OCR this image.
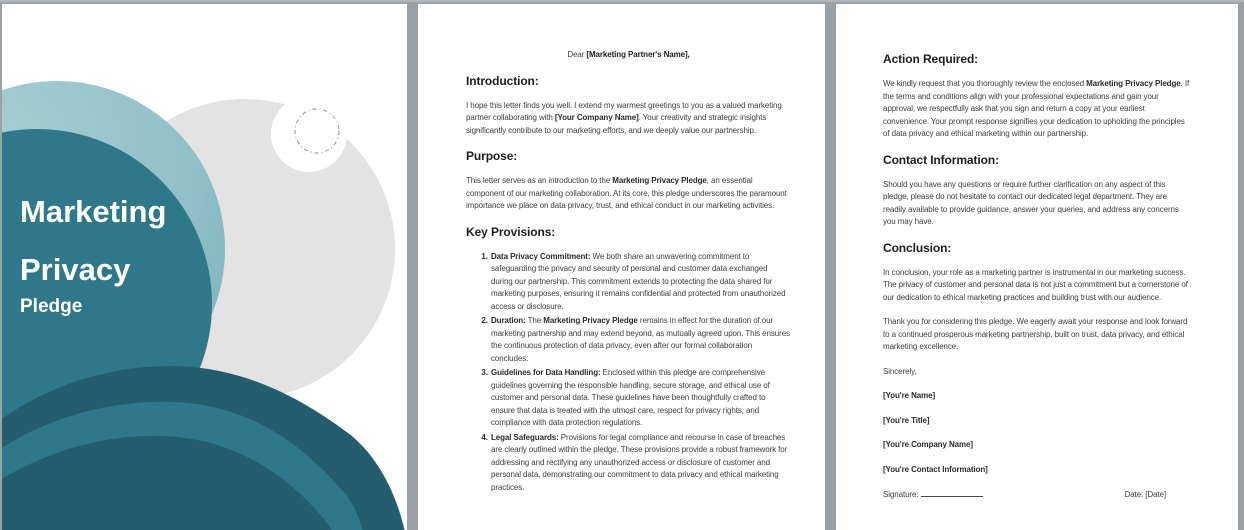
Marketing
Privacy
Pledge

Dear [Marketing Partner's Name],

Introduction:

I hope this letter finds you well. I extend my warmest greetings to you as a valued marketing partner collaborating with [Your Company Name]. Your creativity and strategic insights significantly contribute to our marketing efforts, and we deeply value our partnership.

Purpose:

This letter serves as an introduction to the Marketing Privacy Pledge, an essential component of our marketing collaboration. At its core, this pledge underscores the paramount importance we place on data privacy, trust, and ethical conduct in our marketing activities.

Key Provisions:
1. Data Privacy Commitment: We both share an unwavering commitment to safeguarding the privacy and security of personal and customer data exchanged during our partnership. This commitment extends to protecting the data shared for marketing purposes, ensuring it remains confidential and protected from unauthorized access or disclosure.
2. Duration: The Marketing Privacy Pledge remains in effect for the duration of our marketing partnership and may extend beyond, as mutually agreed upon. This ensures the continuous protection of data privacy, even after our formal collaboration concludes.
3. Guidelines for Data Handling: Enclosed within this pledge are comprehensive guidelines governing the responsible handling, secure storage, and ethical use of customer and personal data. These guidelines have been thoughtfully crafted to ensure that data is treated with the utmost care, respect for privacy rights, and compliance with data protection regulations.
4. Legal Safeguards: Provisions for legal compliance and recourse in case of breaches are clearly outlined within the pledge. These provisions provide a robust framework for addressing and rectifying any unauthorized access or disclosure of customer and personal data, demonstrating our commitment to data privacy and ethical marketing practices.
Action Required:

We kindly request that you thoroughly review the enclosed Marketing Privacy Pledge. If the terms and conditions align with your professional expectations and gain your approval, we respectfully ask that you sign and return a copy at your earliest convenience. Your prompt response signifies your dedication to upholding the principles of data privacy and ethical marketing within our partnership.

Contact Information:

Should you have any questions or require further clarification on any aspect of this pledge, please do not hesitate to contact our dedicated legal department. They are readily available to provide guidance, answer your queries, and address any concerns you may have.

Conclusion:

In conclusion, your role as a marketing partner is instrumental in our marketing success. The privacy of customer and personal data is not just a commitment but a cornerstone of our dedication to ethical marketing practices and building trust with our audience.

Thank you for considering this pledge. We eagerly await your response and look forward to a continued prosperous marketing partnership, built on trust, data privacy, and ethical marketing excellence.

Sincerely,

[You're Name]

[You're Title]

[You're Company Name]

[You're Contact Information]

Signature:	Date: [Date]
